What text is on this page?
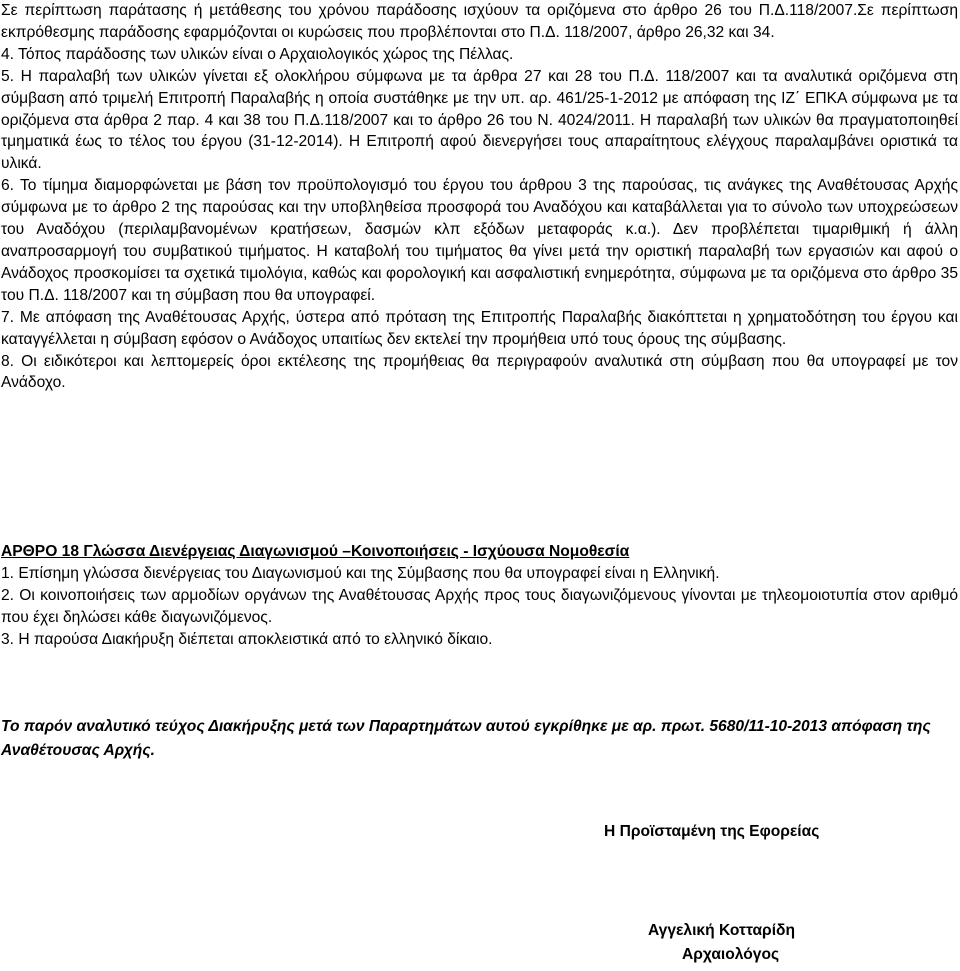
Σε περίπτωση παράτασης ή μετάθεσης του χρόνου παράδοσης ισχύουν τα οριζόμενα στο άρθρο 26 του Π.Δ.118/2007.Σε περίπτωση εκπρόθεσμης παράδοσης εφαρμόζονται οι κυρώσεις που προβλέπονται στο Π.Δ. 118/2007, άρθρο 26,32 και 34.

4. Τόπος παράδοσης των υλικών είναι ο Αρχαιολογικός χώρος της Πέλλας.

5. Η παραλαβή των υλικών γίνεται εξ ολοκλήρου σύμφωνα με τα άρθρα 27 και 28 του Π.Δ. 118/2007 και τα αναλυτικά οριζόμενα στη σύμβαση από τριμελή Επιτροπή Παραλαβής η οποία συστάθηκε με την υπ. αρ. 461/25-1-2012 με απόφαση της ΙΖ΄ ΕΠΚΑ σύμφωνα με τα οριζόμενα στα άρθρα 2 παρ. 4 και 38 του Π.Δ.118/2007 και το άρθρο 26 του Ν. 4024/2011. Η παραλαβή των υλικών θα πραγματοποιηθεί τμηματικά έως το τέλος του έργου (31-12-2014). Η Επιτροπή αφού διενεργήσει τους απαραίτητους ελέγχους παραλαμβάνει οριστικά τα υλικά.

6. Το τίμημα διαμορφώνεται με βάση τον προϋπολογισμό του έργου του άρθρου 3 της παρούσας, τις ανάγκες της Αναθέτουσας Αρχής σύμφωνα με το άρθρο 2 της παρούσας και την υποβληθείσα προσφορά του Αναδόχου και καταβάλλεται για το σύνολο των υποχρεώσεων του Αναδόχου (περιλαμβανομένων κρατήσεων, δασμών κλπ εξόδων μεταφοράς κ.α.). Δεν προβλέπεται τιμαριθμική ή άλλη αναπροσαρμογή του συμβατικού τιμήματος. Η καταβολή του τιμήματος θα γίνει μετά την οριστική παραλαβή των εργασιών και αφού ο Ανάδοχος προσκομίσει τα σχετικά τιμολόγια, καθώς και φορολογική και ασφαλιστική ενημερότητα, σύμφωνα με τα οριζόμενα στο άρθρο 35 του Π.Δ. 118/2007 και τη σύμβαση που θα υπογραφεί.

7. Με απόφαση της Αναθέτουσας Αρχής, ύστερα από πρόταση της Επιτροπής Παραλαβής διακόπτεται η χρηματοδότηση του έργου και καταγγέλλεται η σύμβαση εφόσον ο Ανάδοχος υπαιτίως δεν εκτελεί την προμήθεια υπό τους όρους της σύμβασης.

8. Οι ειδικότεροι και λεπτομερείς όροι εκτέλεσης της προμήθειας θα περιγραφούν αναλυτικά στη σύμβαση που θα υπογραφεί με τον Ανάδοχο.

ΑΡΘΡΟ 18 Γλώσσα Διενέργειας Διαγωνισμού –Κοινοποιήσεις - Ισχύουσα Νομοθεσία

1. Επίσημη γλώσσα διενέργειας του Διαγωνισμού και της Σύμβασης που θα υπογραφεί είναι η Ελληνική.

2. Οι κοινοποιήσεις των αρμοδίων οργάνων της Αναθέτουσας Αρχής προς τους διαγωνιζόμενους γίνονται με τηλεομοιοτυπία στον αριθμό που έχει δηλώσει κάθε διαγωνιζόμενος.

3. Η παρούσα Διακήρυξη διέπεται αποκλειστικά από το ελληνικό δίκαιο.

Το παρόν αναλυτικό τεύχος Διακήρυξης μετά των Παραρτημάτων αυτού εγκρίθηκε με αρ. πρωτ. 5680/11-10-2013 απόφαση της Αναθέτουσας Αρχής.

Η Προϊσταμένη της Εφορείας

Αγγελική Κοτταρίδη

Αρχαιολόγος
